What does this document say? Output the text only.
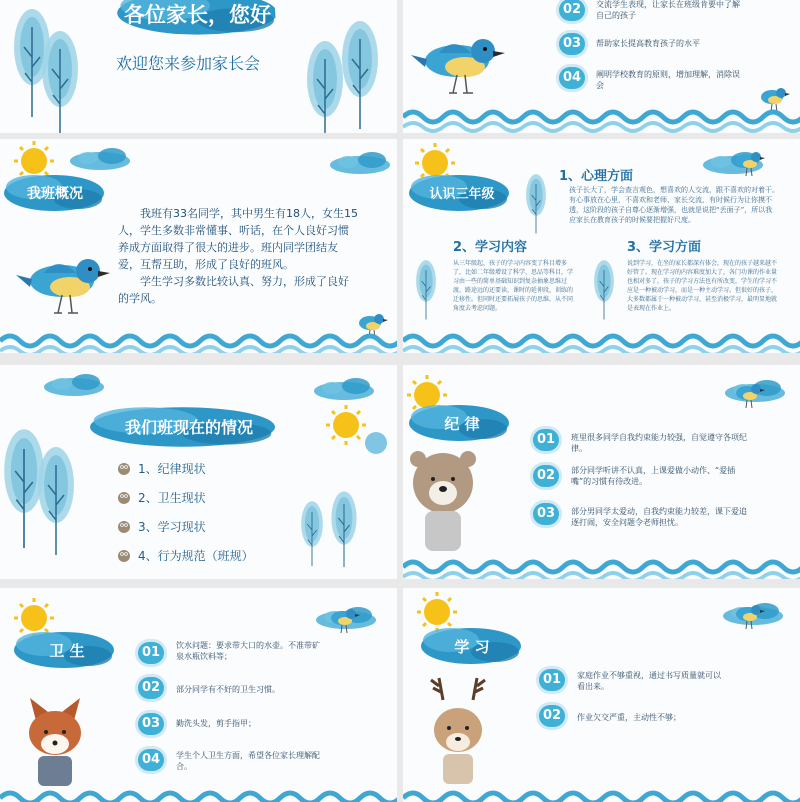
各位家长，您好！
欢迎您来参加家长会
02	交流学生表现，让家长在班级肯要中了解自己的孩子
03	帮助家长提高教育孩子的水平
04	阐明学校教育的原则，增加理解，消除误会
我班概况
我班有33名同学，其中男生有18人，女生15人，学生多数非常懂事、听话，在个人良好习惯养成方面取得了很大的进步。班内同学团结友爱，互帮互助，形成了良好的班风。
学生学习多数比较认真、努力，形成了良好的学风。
认识三年级
1、心理方面
孩子长大了，学会查言观色，想喜欢的人交流，跟不喜欢的对着干。有心事放在心里，不喜欢和老师、家长交流，有时候行为让你摸不透，这阶段的孩子自尊心逐渐增强，也就是说把“丢面子”，所以我应家长在教育孩子的时候要把握好尺度。
2、学习内容
从三年级起，孩子的学习内容变了科目增多了，比如二年级增设了科学、思品等科目，学习由一些的简单基础知识到复杂抽象思维过渡，路途远的还要读，课时的延伸段，训练的迁移性。但同时还要拓展孩子的思维，从不同角度去考虑问题。
3、学习方面
说到学习，在坐的家长都深有体会，现在的孩子越来越不好管了。现在学习的内容难度加大了，各门功课的作业量也相对多了，孩子的学习方法也有所改变，学生的学习不应是一种被动学习，而是一种主动学习。但很好的孩子，大多数都属于一种被动学习，甚至消极学习，最明显地就是表现在作业上。
我们班现在的情况
1、纪律现状
2、卫生现状
3、学习现状
4、行为规范（班规）
纪 律
01	班里很多同学自我约束能力较强，自觉遵守各项纪律。
02	部分同学听讲不认真，上课爱做小动作、“爱插嘴”的习惯有待改进。
03	部分男同学太爱动，自我约束能力较差，课下爱追逐打闹，安全问题令老师担忧。
卫 生	01	饮水问题：要求带大口的水壶。不准带矿泉水瓶饮料等；
02	部分同学有不好的卫生习惯。
03	勤洗头发，剪手指甲；
04	学生个人卫生方面，希望各位家长理解配合。
学 习
01	家庭作业不够重视，通过书写质量就可以看出来。
02	作业欠交严重，主动性不够；
